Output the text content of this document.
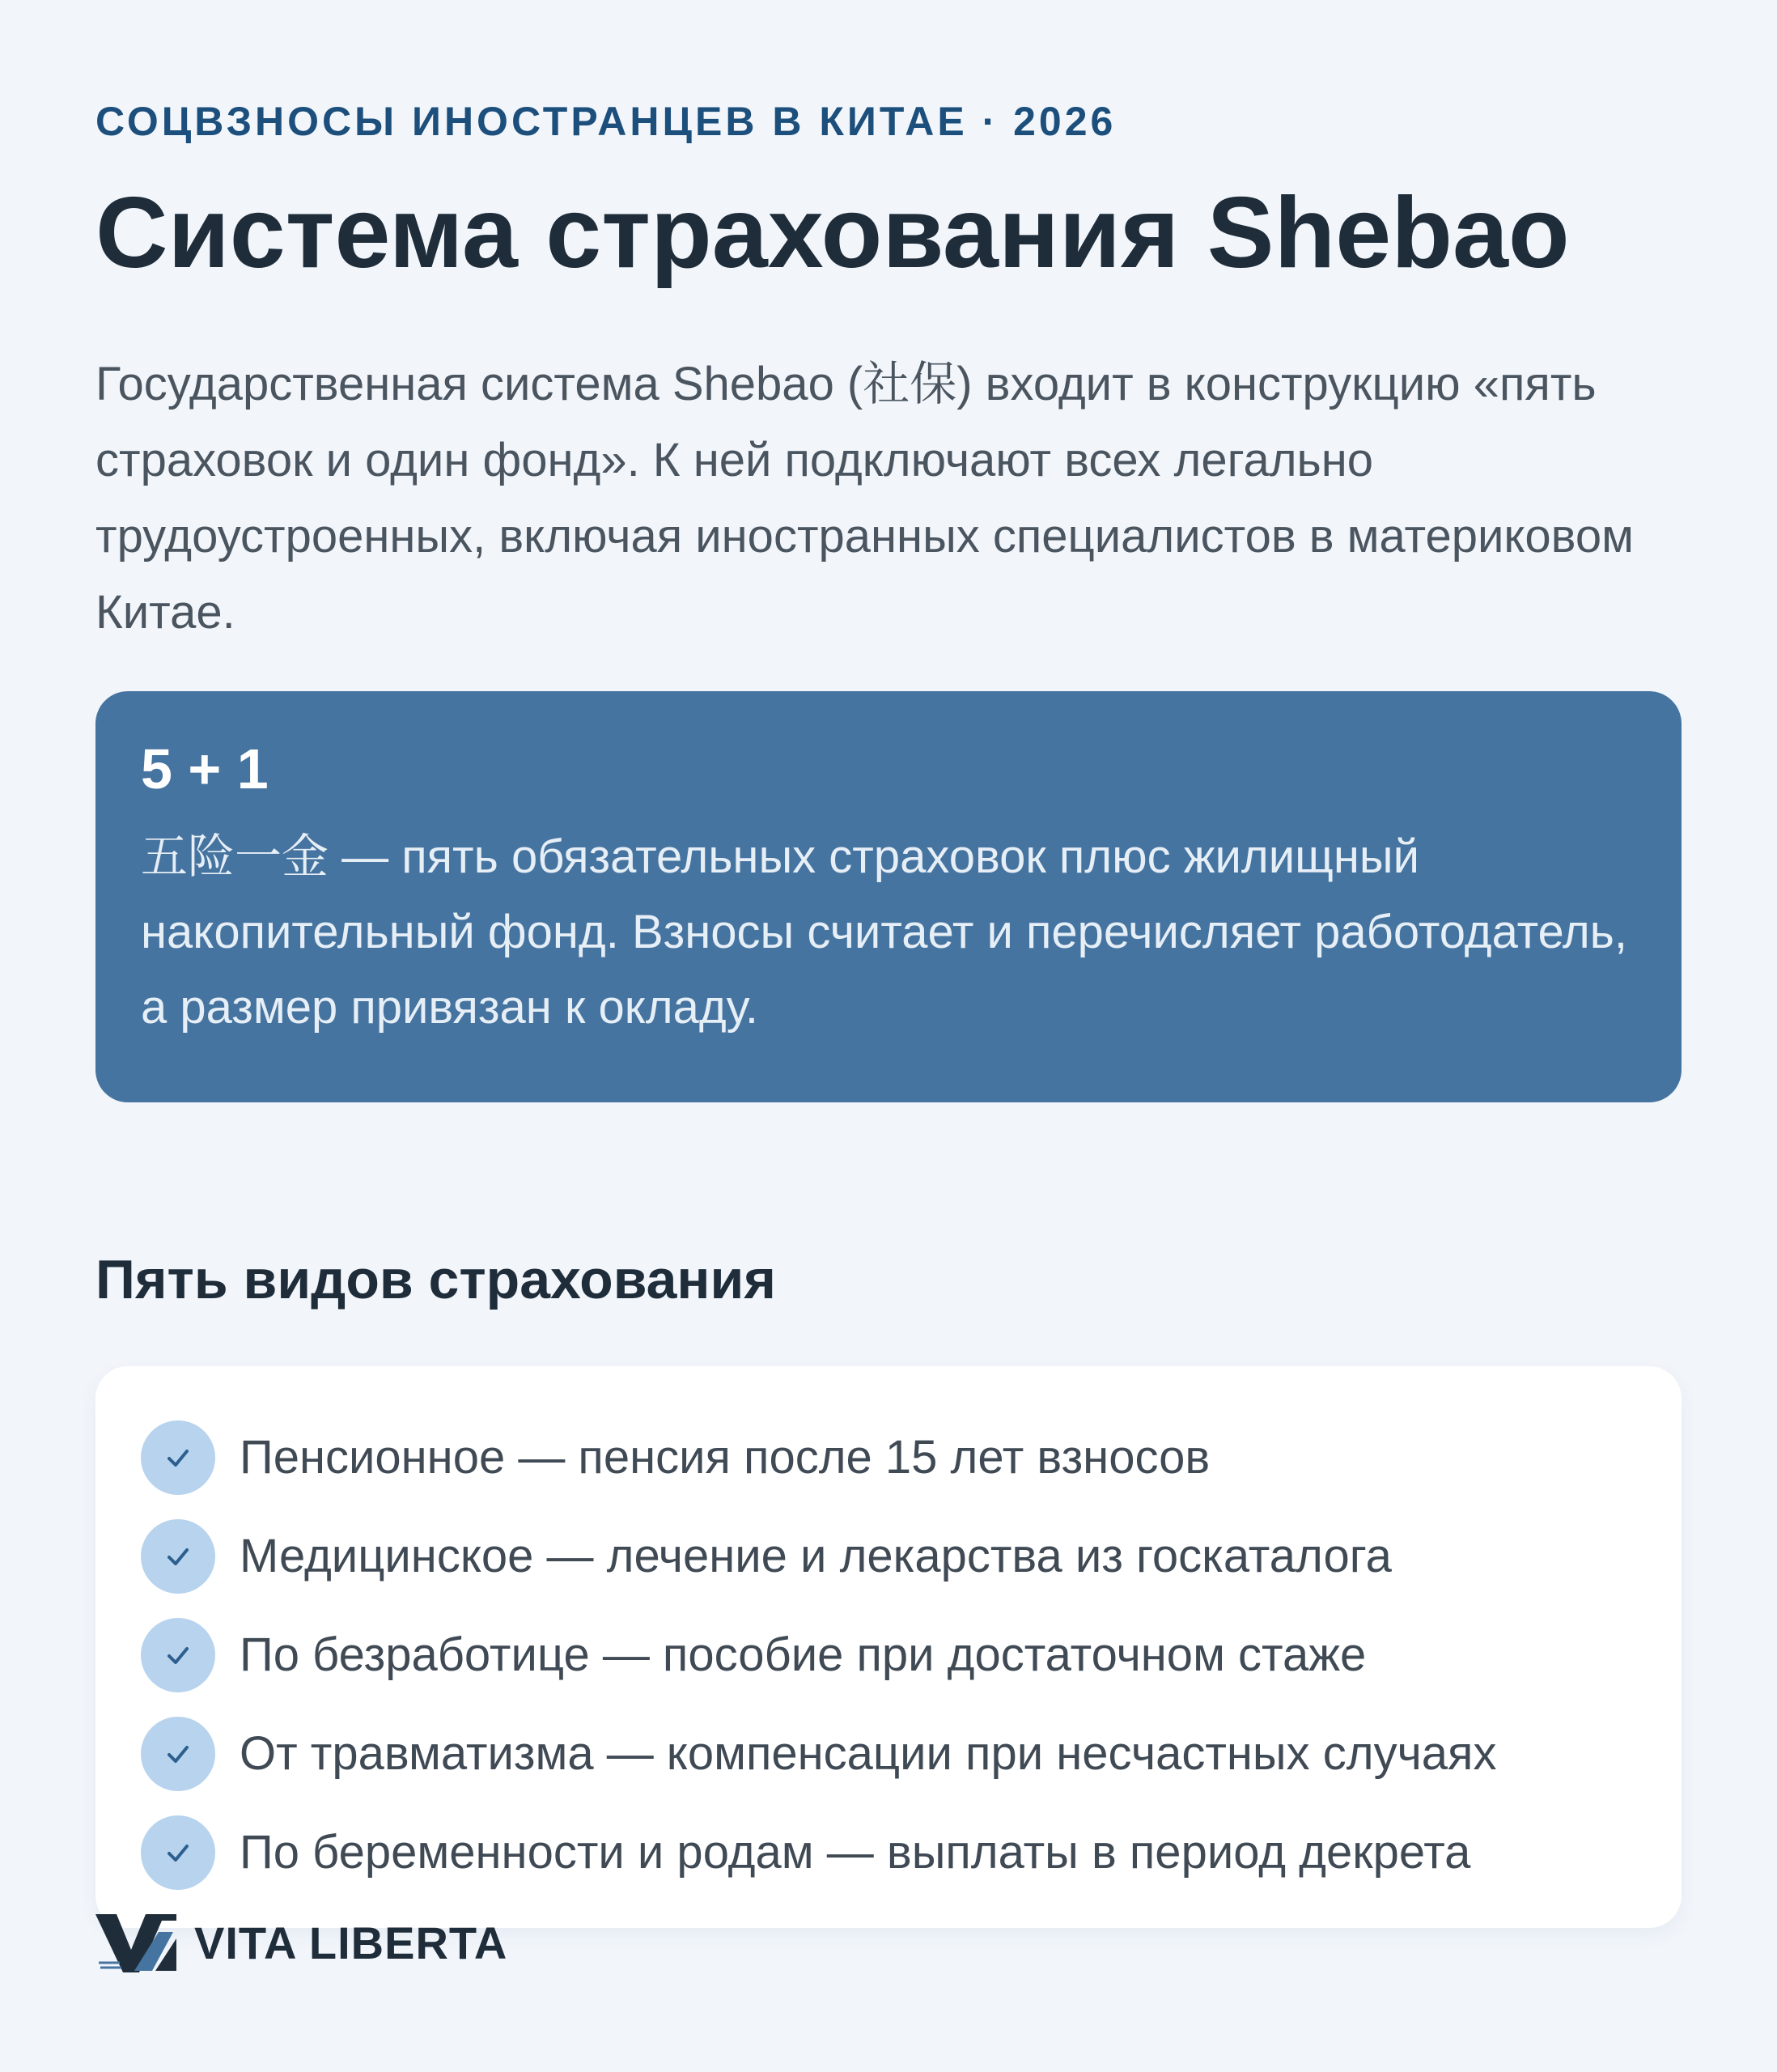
СОЦВЗНОСЫ ИНОСТРАНЦЕВ В КИТАЕ · 2026

Система страхования Shebao

Государственная система Shebao (社保) входит в конструкцию «пять страховок и один фонд». К ней подключают всех легально трудоустроенных, включая иностранных специалистов в материковом Китае.

5 + 1

五险一金 — пять обязательных страховок плюс жилищный накопительный фонд. Взносы считает и перечисляет работодатель, а размер привязан к окладу.

Пять видов страхования
Пенсионное — пенсия после 15 лет взносов
Медицинское — лечение и лекарства из госкаталога
По безработице — пособие при достаточном стаже
От травматизма — компенсации при несчастных случаях
По беременности и родам — выплаты в период декрета
VITA LIBERTA
